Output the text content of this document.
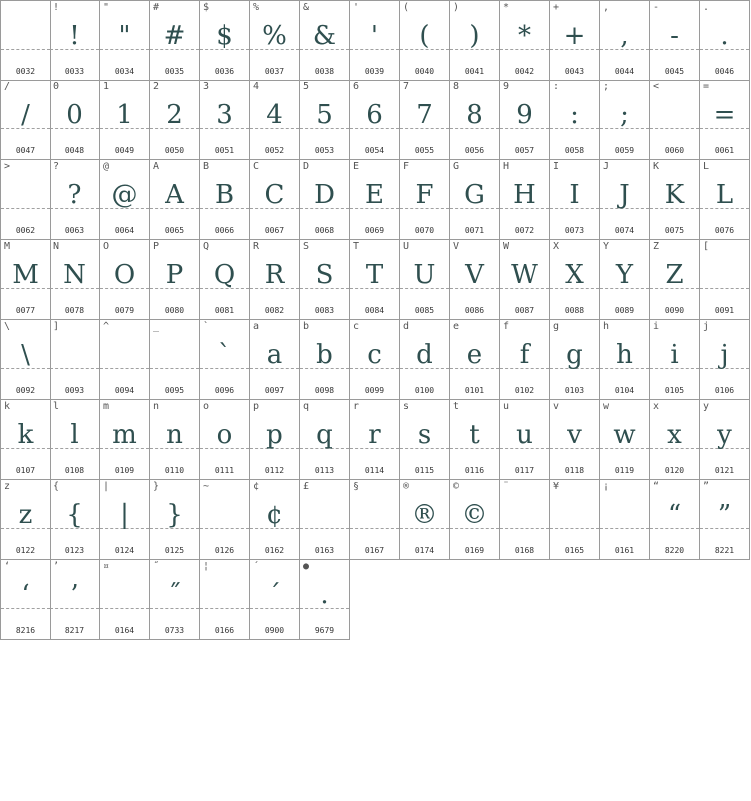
0032
!
!
0033
"
"
0034
#
#
0035
$
$
0036
%
%
0037
&
&
0038
'
'
0039
(
(
0040
)
)
0041
*
*
0042
+
+
0043
,
,
0044
-
-
0045
.
.
0046
/
/
0047
0
0
0048
1
1
0049
2
2
0050
3
3
0051
4
4
0052
5
5
0053
6
6
0054
7
7
0055
8
8
0056
9
9
0057
:
:
0058
;
;
0059
<
0060
=
=
0061
>
0062
?
?
0063
@
@
0064
A
A
0065
B
B
0066
C
C
0067
D
D
0068
E
E
0069
F
F
0070
G
G
0071
H
H
0072
I
I
0073
J
J
0074
K
K
0075
L
L
0076
M
M
0077
N
N
0078
O
O
0079
P
P
0080
Q
Q
0081
R
R
0082
S
S
0083
T
T
0084
U
U
0085
V
V
0086
W
W
0087
X
X
0088
Y
Y
0089
Z
Z
0090
[
0091
\
\
0092
]
0093
^
0094
_
0095
`
`
0096
a
a
0097
b
b
0098
c
c
0099
d
d
0100
e
e
0101
f
f
0102
g
g
0103
h
h
0104
i
i
0105
j
j
0106
k
k
0107
l
l
0108
m
m
0109
n
n
0110
o
o
0111
p
p
0112
q
q
0113
r
r
0114
s
s
0115
t
t
0116
u
u
0117
v
v
0118
w
w
0119
x
x
0120
y
y
0121
z
z
0122
{
{
0123
|
|
0124
}
}
0125
~
0126
¢
¢
0162
£
0163
§
0167
®
®
0174
©
©
0169
¨
0168
¥
0165
¡
0161
“
“
8220
”
”
8221
‘
‘
8216
’
’
8217
¤
0164
˝
˝
0733
¦
0166
΄
΄
0900
●
.
9679
